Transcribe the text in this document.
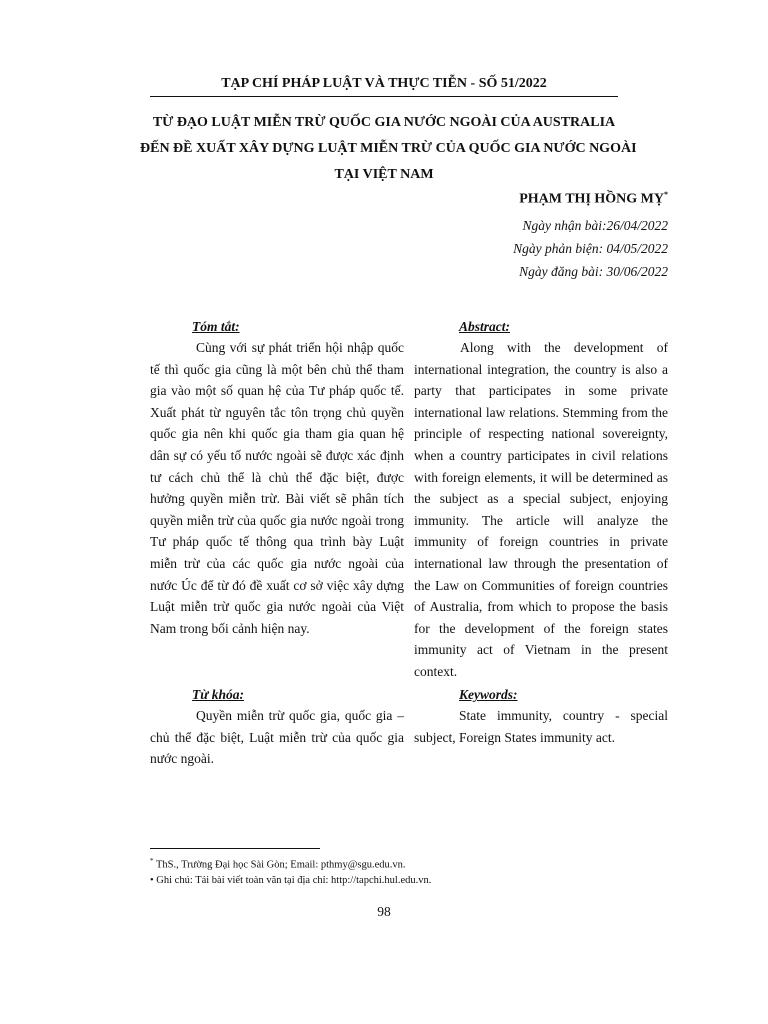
TẠP CHÍ PHÁP LUẬT VÀ THỰC TIỄN - SỐ 51/2022
TỪ ĐẠO LUẬT MIỄN TRỪ QUỐC GIA NƯỚC NGOÀI CỦA AUSTRALIA
ĐẾN ĐỀ XUẤT XÂY DỰNG LUẬT MIỄN TRỪ CỦA QUỐC GIA NƯỚC NGOÀI
TẠI VIỆT NAM
PHẠM THỊ HỒNG MỴ*
Ngày nhận bài:26/04/2022
Ngày phản biện: 04/05/2022
Ngày đăng bài: 30/06/2022
Tóm tắt:

Cùng với sự phát triển hội nhập quốc tế thì quốc gia cũng là một bên chủ thể tham gia vào một số quan hệ của Tư pháp quốc tế. Xuất phát từ nguyên tắc tôn trọng chủ quyền quốc gia nên khi quốc gia tham gia quan hệ dân sự có yếu tố nước ngoài sẽ được xác định tư cách chủ thể là chủ thể đặc biệt, được hưởng quyền miễn trừ. Bài viết sẽ phân tích quyền miễn trừ của quốc gia nước ngoài trong Tư pháp quốc tế thông qua trình bày Luật miễn trừ của các quốc gia nước ngoài của nước Úc để từ đó đề xuất cơ sở việc xây dựng Luật miễn trừ quốc gia nước ngoài của Việt Nam trong bối cảnh hiện nay.

Abstract:

Along with the development of international integration, the country is also a party that participates in some private international law relations. Stemming from the principle of respecting national sovereignty, when a country participates in civil relations with foreign elements, it will be determined as the subject as a special subject, enjoying immunity. The article will analyze the immunity of foreign countries in private international law through the presentation of the Law on Communities of foreign countries of Australia, from which to propose the basis for the development of the foreign states immunity act of Vietnam in the present context.

Từ khóa:

Quyền miễn trừ quốc gia, quốc gia – chủ thể đặc biệt, Luật miễn trừ của quốc gia nước ngoài.

Keywords:

State immunity, country - special subject, Foreign States immunity act.

* ThS., Trường Đại học Sài Gòn; Email: pthmy@sgu.edu.vn.
• Ghi chú: Tải bài viết toàn văn tại địa chỉ: http://tapchi.hul.edu.vn.
98
